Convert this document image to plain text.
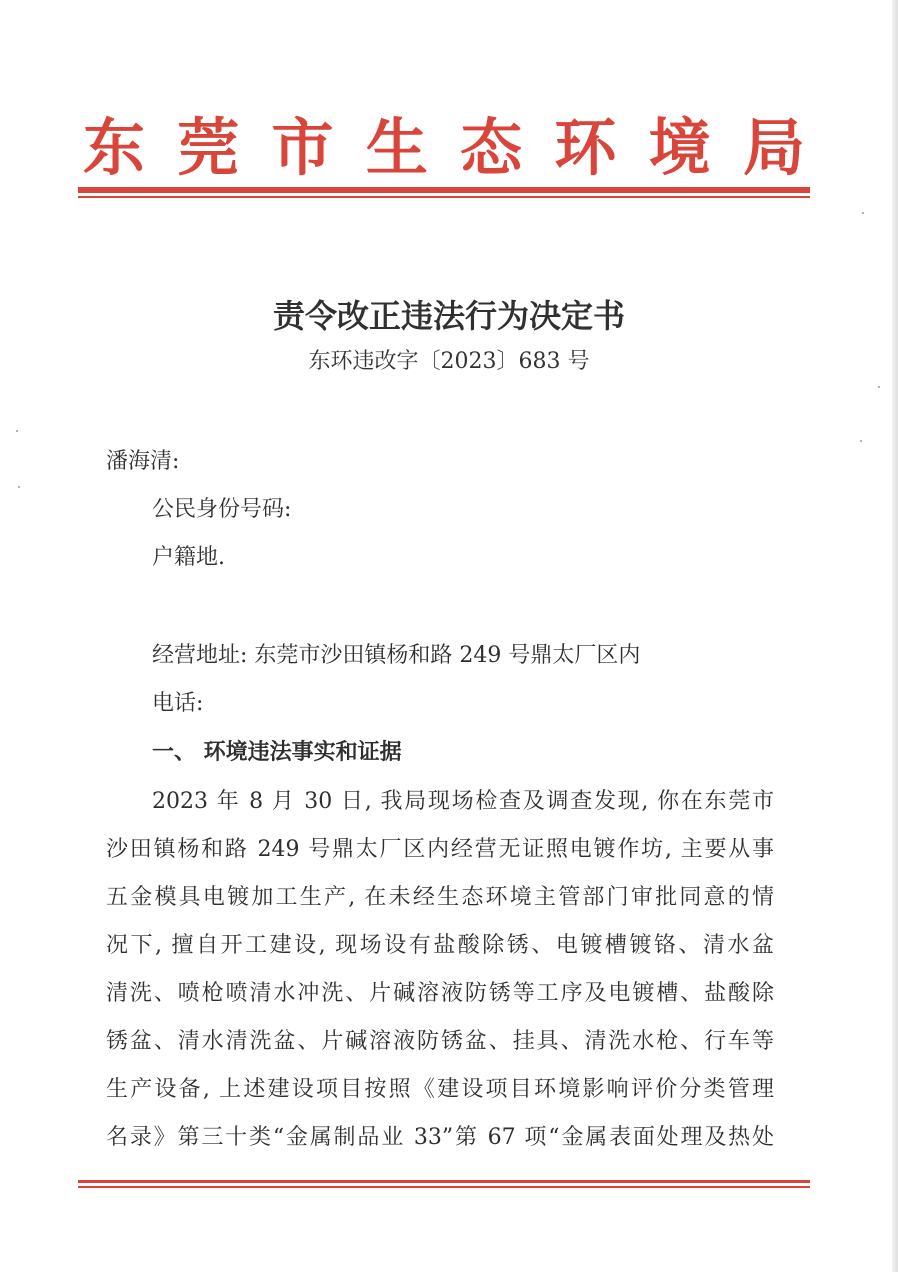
东 莞 市 生 态 环 境 局
责令改正违法行为决定书
东环违改字〔2023〕683 号
潘海清:
公民身份号码:
户籍地.
经营地址: 东莞市沙田镇杨和路 249 号鼎太厂区内
电话:
一、 环境违法事实和证据
2023 年 8 月 30 日, 我局现场检查及调查发现, 你在东莞市
沙田镇杨和路 249 号鼎太厂区内经营无证照电镀作坊, 主要从事
五金模具电镀加工生产, 在未经生态环境主管部门审批同意的情
况下, 擅自开工建设, 现场设有盐酸除锈、电镀槽镀铬、清水盆
清洗、喷枪喷清水冲洗、片碱溶液防锈等工序及电镀槽、盐酸除
锈盆、清水清洗盆、片碱溶液防锈盆、挂具、清洗水枪、行车等
生产设备, 上述建设项目按照《建设项目环境影响评价分类管理
名录》第三十类“金属制品业 33”第 67 项“金属表面处理及热处
